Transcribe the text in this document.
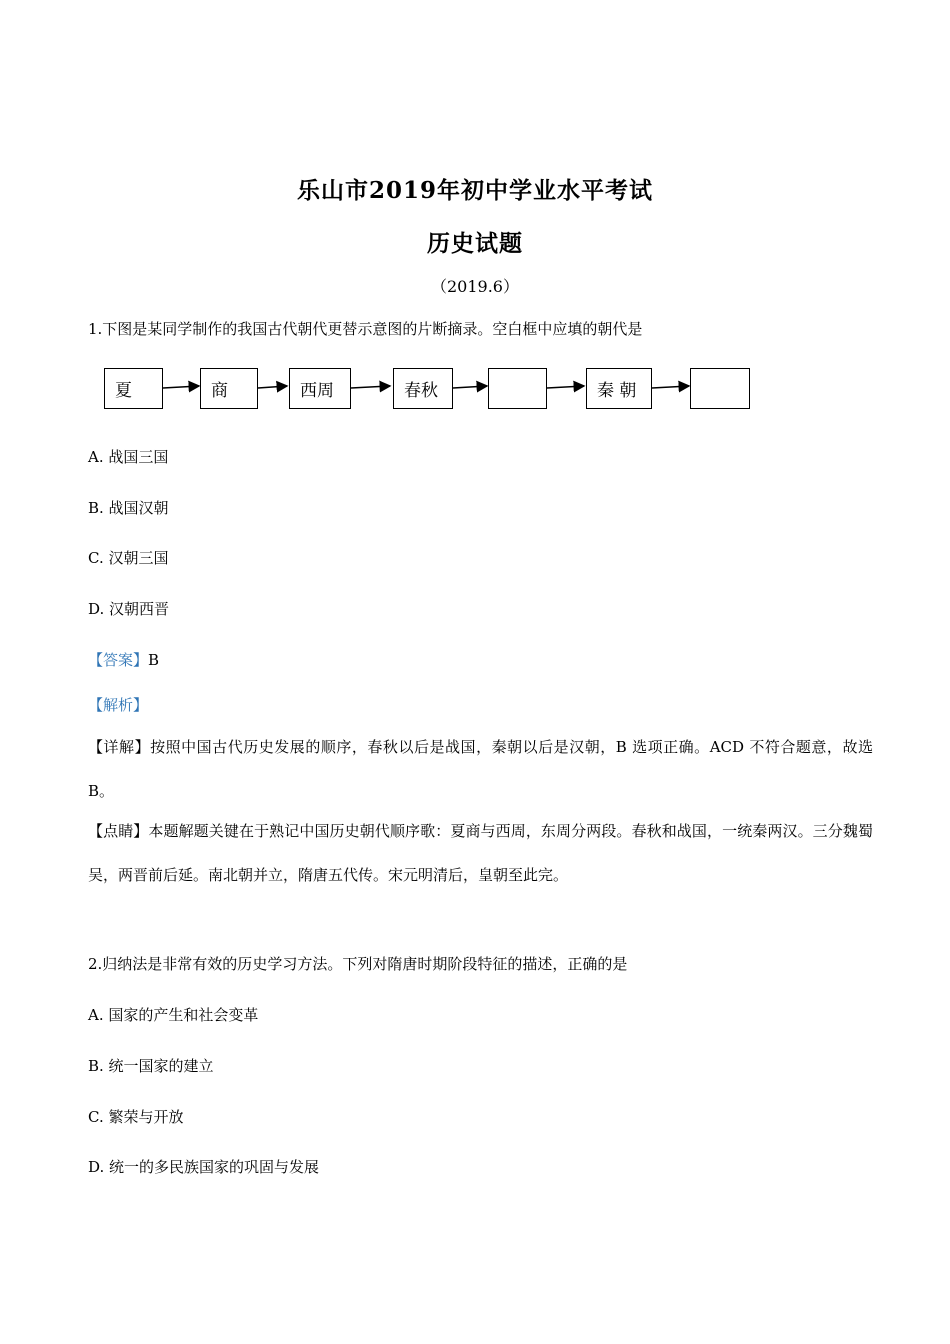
乐山市2019年初中学业水平考试
历史试题
（2019.6）
1.下图是某同学制作的我国古代朝代更替示意图的片断摘录。空白框中应填的朝代是
夏	商	西周	春秋	秦 朝
A. 战国三国
B. 战国汉朝
C. 汉朝三国
D. 汉朝西晋
【答案】B
【解析】
【详解】按照中国古代历史发展的顺序，春秋以后是战国，秦朝以后是汉朝，B 选项正确。ACD 不符合题意，故选 B。
【点睛】本题解题关键在于熟记中国历史朝代顺序歌：夏商与西周，东周分两段。春秋和战国，一统秦两汉。三分魏蜀吴，两晋前后延。南北朝并立，隋唐五代传。宋元明清后，皇朝至此完。
2.归纳法是非常有效的历史学习方法。下列对隋唐时期阶段特征的描述，正确的是
A. 国家的产生和社会变革
B. 统一国家的建立
C. 繁荣与开放
D. 统一的多民族国家的巩固与发展
